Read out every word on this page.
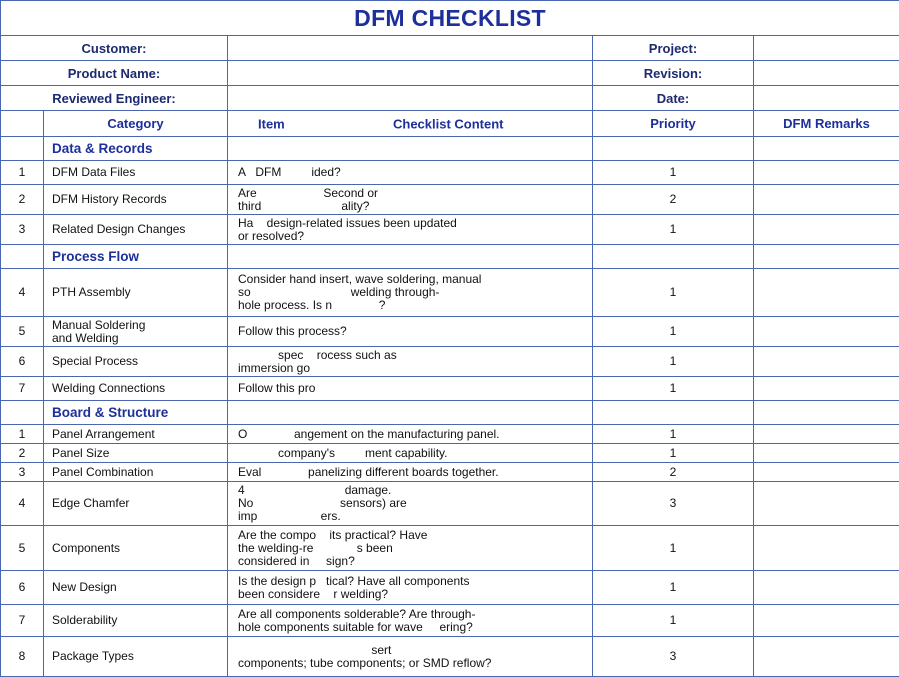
DFM CHECKLIST				
Customer:			Project:	
Product Name:			Revision:	
Reviewed Engineer:			Date:	
	Category	Item Checklist Content	Priority	DFM Remarks
	Data & Records			
1	DFM Data Files	A   DFM         ided?	1	
2	DFM History Records	Are                    Second or
third                        ality?	2	
3	Related Design Changes	Ha    design-related issues been updated
or resolved?	1	
	Process Flow			
4	PTH Assembly	Consider hand insert, wave soldering, manual
so                              welding through-
hole process. Is n              ?	1	
5	Manual Soldering
and Welding	Follow this process?	1	
6	Special Process	spec    rocess such as
immersion go	1	
7	Welding Connections	Follow this pro	1	
	Board & Structure			
1	Panel Arrangement	O              angement on the manufacturing panel.	1	
2	Panel Size	company's         ment capability.	1	
3	Panel Combination	Eval              panelizing different boards together.	2	
4	Edge Chamfer	4                              damage.
No                          sensors) are
imp                   ers.	3	
5	Components	Are the compo    its practical? Have
the welding-re             s been
considered in     sign?	1	
6	New Design	Is the design p   tical? Have all components
been considere    r welding?	1	
7	Solderability	Are all components solderable? Are through-
hole components suitable for wave     ering?	1	
8	Package Types	sert
components; tube components; or SMD reflow?	3	
